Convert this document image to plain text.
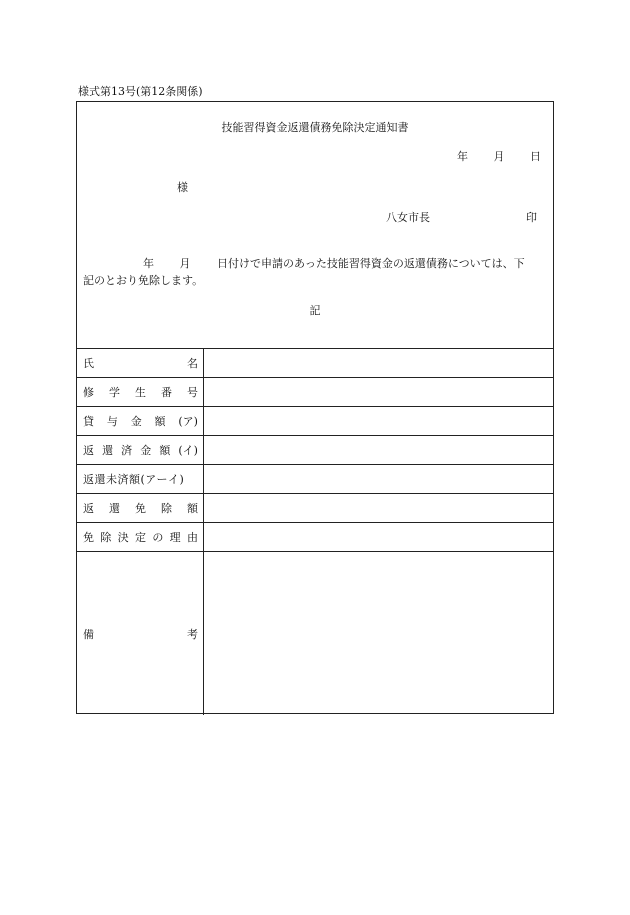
様式第13号(第12条関係)
技能習得資金返還債務免除決定通知書
年 月 日
様
八女市長	印
年 月	日付けで申請のあった技能習得資金の返還債務については、下
記のとおり免除します。
記
氏	名
修 学 生 番 号
貸 与 金 額 (ア)
返 還 済 金 額 (イ)
返還未済額(アーイ)
返 還 免 除 額
免 除 決 定 の 理 由
備	考
